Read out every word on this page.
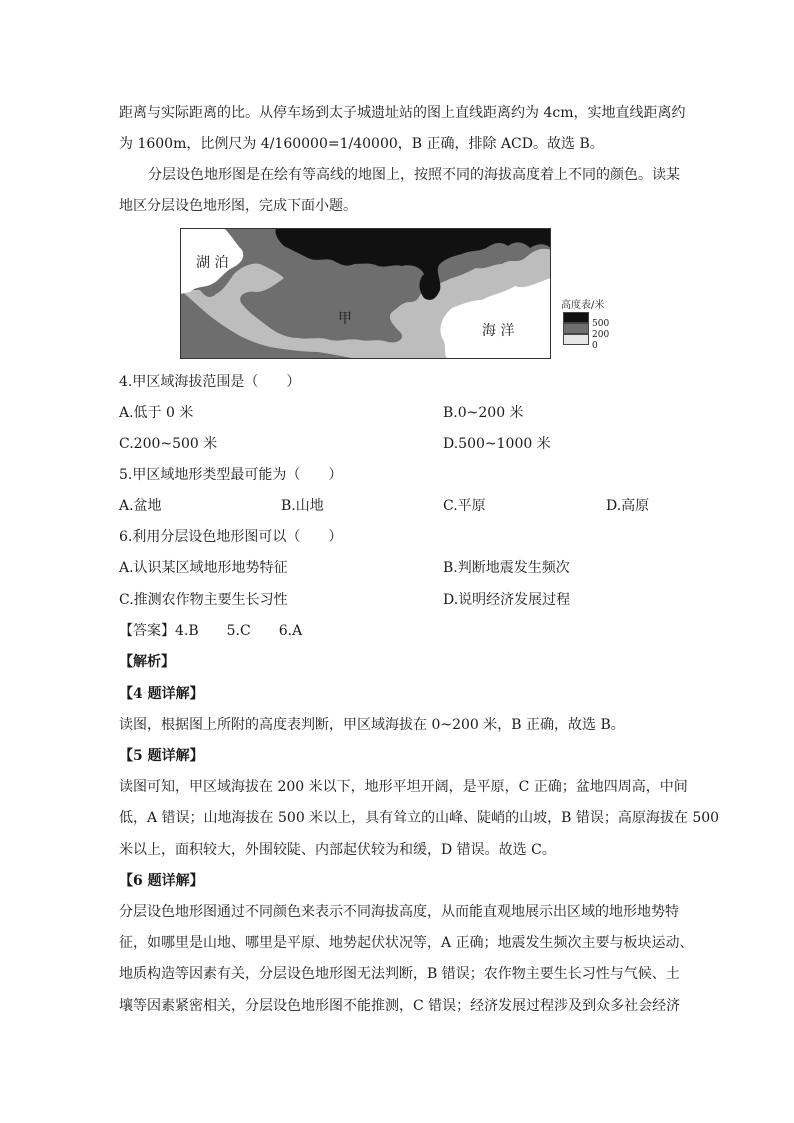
距离与实际距离的比。从停车场到太子城遗址站的图上直线距离约为 4cm，实地直线距离约
为 1600m，比例尺为 4/160000=1/40000，B 正确，排除 ACD。故选 B。
分层设色地形图是在绘有等高线的地图上，按照不同的海拔高度着上不同的颜色。读某
地区分层设色地形图，完成下面小题。
湖 泊
甲
海 洋
高度表/米
500
200
0
4.甲区域海拔范围是（　　）
A.低于 0 米	B.0~200 米
C.200~500 米	D.500~1000 米
5.甲区域地形类型最可能为（　　）
A.盆地	B.山地	C.平原	D.高原
6.利用分层设色地形图可以（　　）
A.认识某区域地形地势特征	B.判断地震发生频次
C.推测农作物主要生长习性	D.说明经济发展过程
【答案】4.B　　5.C　　6.A
【解析】
【4 题详解】
读图，根据图上所附的高度表判断，甲区域海拔在 0~200 米，B 正确，故选 B。
【5 题详解】
读图可知，甲区域海拔在 200 米以下，地形平坦开阔，是平原，C 正确；盆地四周高，中间
低，A 错误；山地海拔在 500 米以上，具有耸立的山峰、陡峭的山坡，B 错误；高原海拔在 500
米以上，面积较大，外围较陡、内部起伏较为和缓，D 错误。故选 C。
【6 题详解】
分层设色地形图通过不同颜色来表示不同海拔高度，从而能直观地展示出区域的地形地势特
征，如哪里是山地、哪里是平原、地势起伏状况等，A 正确；地震发生频次主要与板块运动、
地质构造等因素有关，分层设色地形图无法判断，B 错误；农作物主要生长习性与气候、土
壤等因素紧密相关，分层设色地形图不能推测，C 错误；经济发展过程涉及到众多社会经济
